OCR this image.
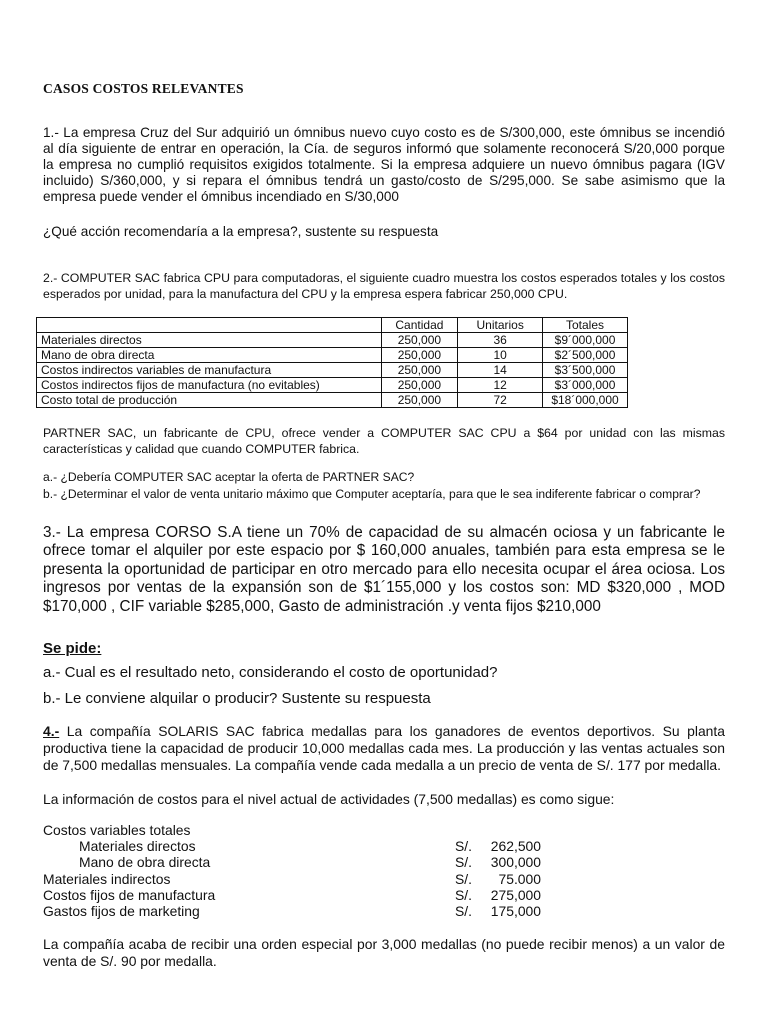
CASOS COSTOS RELEVANTES
1.- La empresa Cruz del Sur adquirió un ómnibus nuevo cuyo costo es de S/300,000, este ómnibus se incendió al día siguiente de entrar en operación, la Cía. de seguros informó que solamente reconocerá S/20,000 porque la empresa no cumplió requisitos exigidos totalmente. Si la empresa adquiere un nuevo ómnibus pagara (IGV incluido) S/360,000, y si repara el ómnibus tendrá un gasto/costo de S/295,000. Se sabe asimismo que la empresa puede vender el ómnibus incendiado en S/30,000
¿Qué acción recomendaría a la empresa?, sustente su respuesta
2.- COMPUTER SAC fabrica CPU para computadoras, el siguiente cuadro muestra los costos esperados totales y los costos esperados por unidad, para la manufactura del CPU y la empresa espera fabricar 250,000 CPU.
	Cantidad	Unitarios	Totales
Materiales directos	250,000	36	$9´000,000
Mano de obra directa	250,000	10	$2´500,000
Costos indirectos variables de manufactura	250,000	14	$3´500,000
Costos indirectos fijos de manufactura (no evitables)	250,000	12	$3´000,000
Costo total de producción	250,000	72	$18´000,000
PARTNER SAC, un fabricante de CPU, ofrece vender a COMPUTER SAC CPU a $64 por unidad con las mismas características y calidad que cuando COMPUTER fabrica.
a.- ¿Debería COMPUTER SAC aceptar la oferta de PARTNER SAC?
b.- ¿Determinar el valor de venta unitario máximo que Computer aceptaría, para que le sea indiferente fabricar o comprar?
3.- La empresa CORSO S.A tiene un 70% de capacidad de su almacén ociosa y un fabricante le ofrece tomar el alquiler por este espacio por $ 160,000 anuales, también para esta empresa se le presenta la oportunidad de participar en otro mercado para ello necesita ocupar el área ociosa. Los ingresos por ventas de la expansión son de $1´155,000 y los costos son: MD $320,000 , MOD $170,000 , CIF variable $285,000, Gasto de administración .y venta fijos $210,000
Se pide:
a.- Cual es el resultado neto, considerando el costo de oportunidad?
b.- Le conviene alquilar o producir? Sustente su respuesta
4.- La compañía SOLARIS SAC fabrica medallas para los ganadores de eventos deportivos. Su planta productiva tiene la capacidad de producir 10,000 medallas cada mes. La producción y las ventas actuales son de 7,500 medallas mensuales. La compañía vende cada medalla a un precio de venta de S/. 177 por medalla.
La información de costos para el nivel actual de actividades (7,500 medallas) es como sigue:
Costos variables totales
Materiales directos	S/.	262,500
Mano de obra directa	S/.	300,000
Materiales indirectos	S/.	75.000
Costos fijos de manufactura	S/.	275,000
Gastos fijos de marketing	S/.	175,000
La compañía acaba de recibir una orden especial por 3,000 medallas (no puede recibir menos) a un valor de venta de S/. 90 por medalla.
